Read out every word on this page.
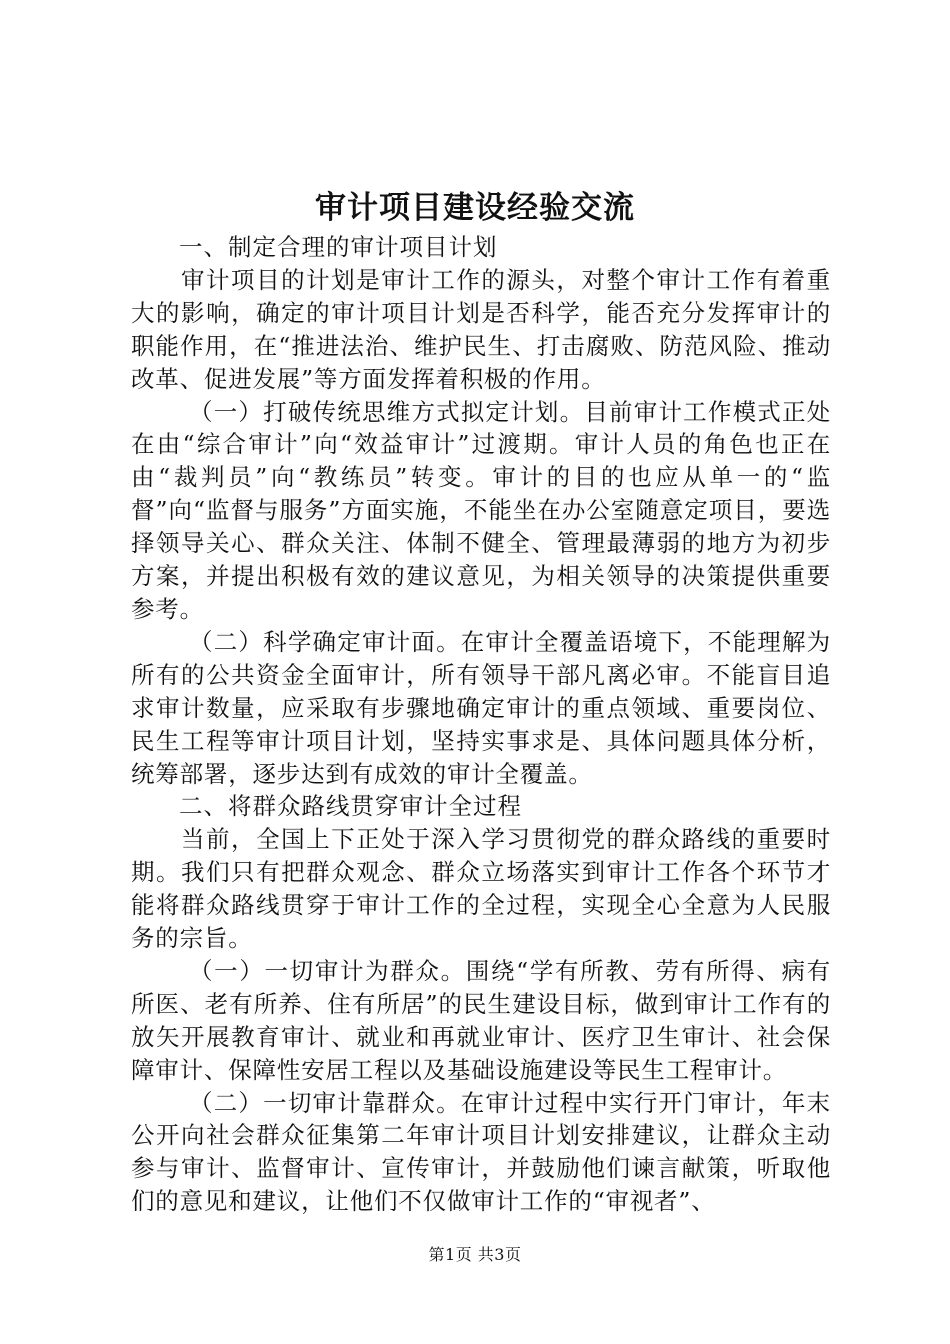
审计项目建设经验交流

一、制定合理的审计项目计划

审计项目的计划是审计工作的源头，对整个审计工作有着重大的影响，确定的审计项目计划是否科学，能否充分发挥审计的职能作用，在“推进法治、维护民生、打击腐败、防范风险、推动改革、促进发展”等方面发挥着积极的作用。

（一）打破传统思维方式拟定计划。目前审计工作模式正处在由“综合审计”向“效益审计”过渡期。审计人员的角色也正在由“裁判员”向“教练员”转变。审计的目的也应从单一的“监督”向“监督与服务”方面实施，不能坐在办公室随意定项目，要选择领导关心、群众关注、体制不健全、管理最薄弱的地方为初步方案，并提出积极有效的建议意见，为相关领导的决策提供重要参考。

（二）科学确定审计面。在审计全覆盖语境下，不能理解为所有的公共资金全面审计，所有领导干部凡离必审。不能盲目追求审计数量，应采取有步骤地确定审计的重点领域、重要岗位、民生工程等审计项目计划，坚持实事求是、具体问题具体分析，统筹部署，逐步达到有成效的审计全覆盖。

二、将群众路线贯穿审计全过程

当前，全国上下正处于深入学习贯彻党的群众路线的重要时期。我们只有把群众观念、群众立场落实到审计工作各个环节才能将群众路线贯穿于审计工作的全过程，实现全心全意为人民服务的宗旨。

（一）一切审计为群众。围绕“学有所教、劳有所得、病有所医、老有所养、住有所居”的民生建设目标，做到审计工作有的放矢开展教育审计、就业和再就业审计、医疗卫生审计、社会保障审计、保障性安居工程以及基础设施建设等民生工程审计。

（二）一切审计靠群众。在审计过程中实行开门审计，年末公开向社会群众征集第二年审计项目计划安排建议，让群众主动参与审计、监督审计、宣传审计，并鼓励他们谏言献策，听取他们的意见和建议，让他们不仅做审计工作的“审视者”、

第1页 共3页
